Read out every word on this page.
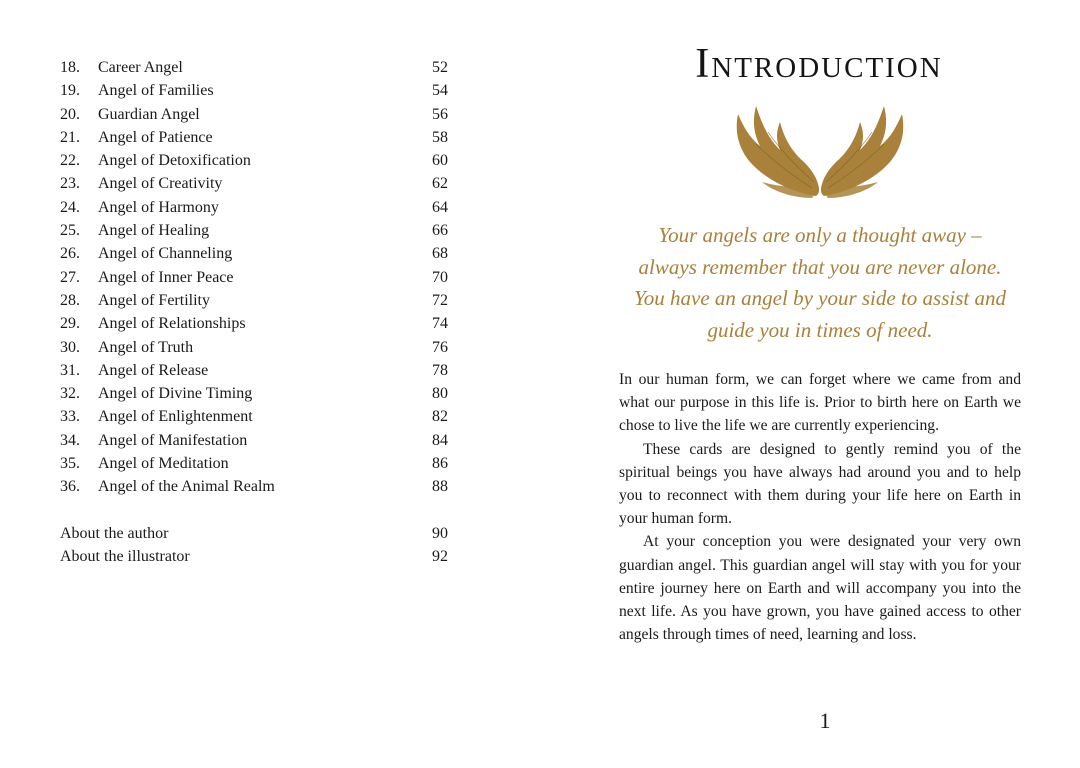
18.	Career Angel	52
19.	Angel of Families	54
20.	Guardian Angel	56
21.	Angel of Patience	58
22.	Angel of Detoxification	60
23.	Angel of Creativity	62
24.	Angel of Harmony	64
25.	Angel of Healing	66
26.	Angel of Channeling	68
27.	Angel of Inner Peace	70
28.	Angel of Fertility	72
29.	Angel of Relationships	74
30.	Angel of Truth	76
31.	Angel of Release	78
32.	Angel of Divine Timing	80
33.	Angel of Enlightenment	82
34.	Angel of Manifestation	84
35.	Angel of Meditation	86
36.	Angel of the Animal Realm	88
About the author	90
About the illustrator	92
Introduction
Your angels are only a thought away –
always remember that you are never alone.
You have an angel by your side to assist and
guide you in times of need.

In our human form, we can forget where we came from and what our purpose in this life is. Prior to birth here on Earth we chose to live the life we are currently experiencing.

These cards are designed to gently remind you of the spiritual beings you have always had around you and to help you to reconnect with them during your life here on Earth in your human form.

At your conception you were designated your very own guardian angel. This guardian angel will stay with you for your entire journey here on Earth and will accompany you into the next life. As you have grown, you have gained access to other angels through times of need, learning and loss.

1
